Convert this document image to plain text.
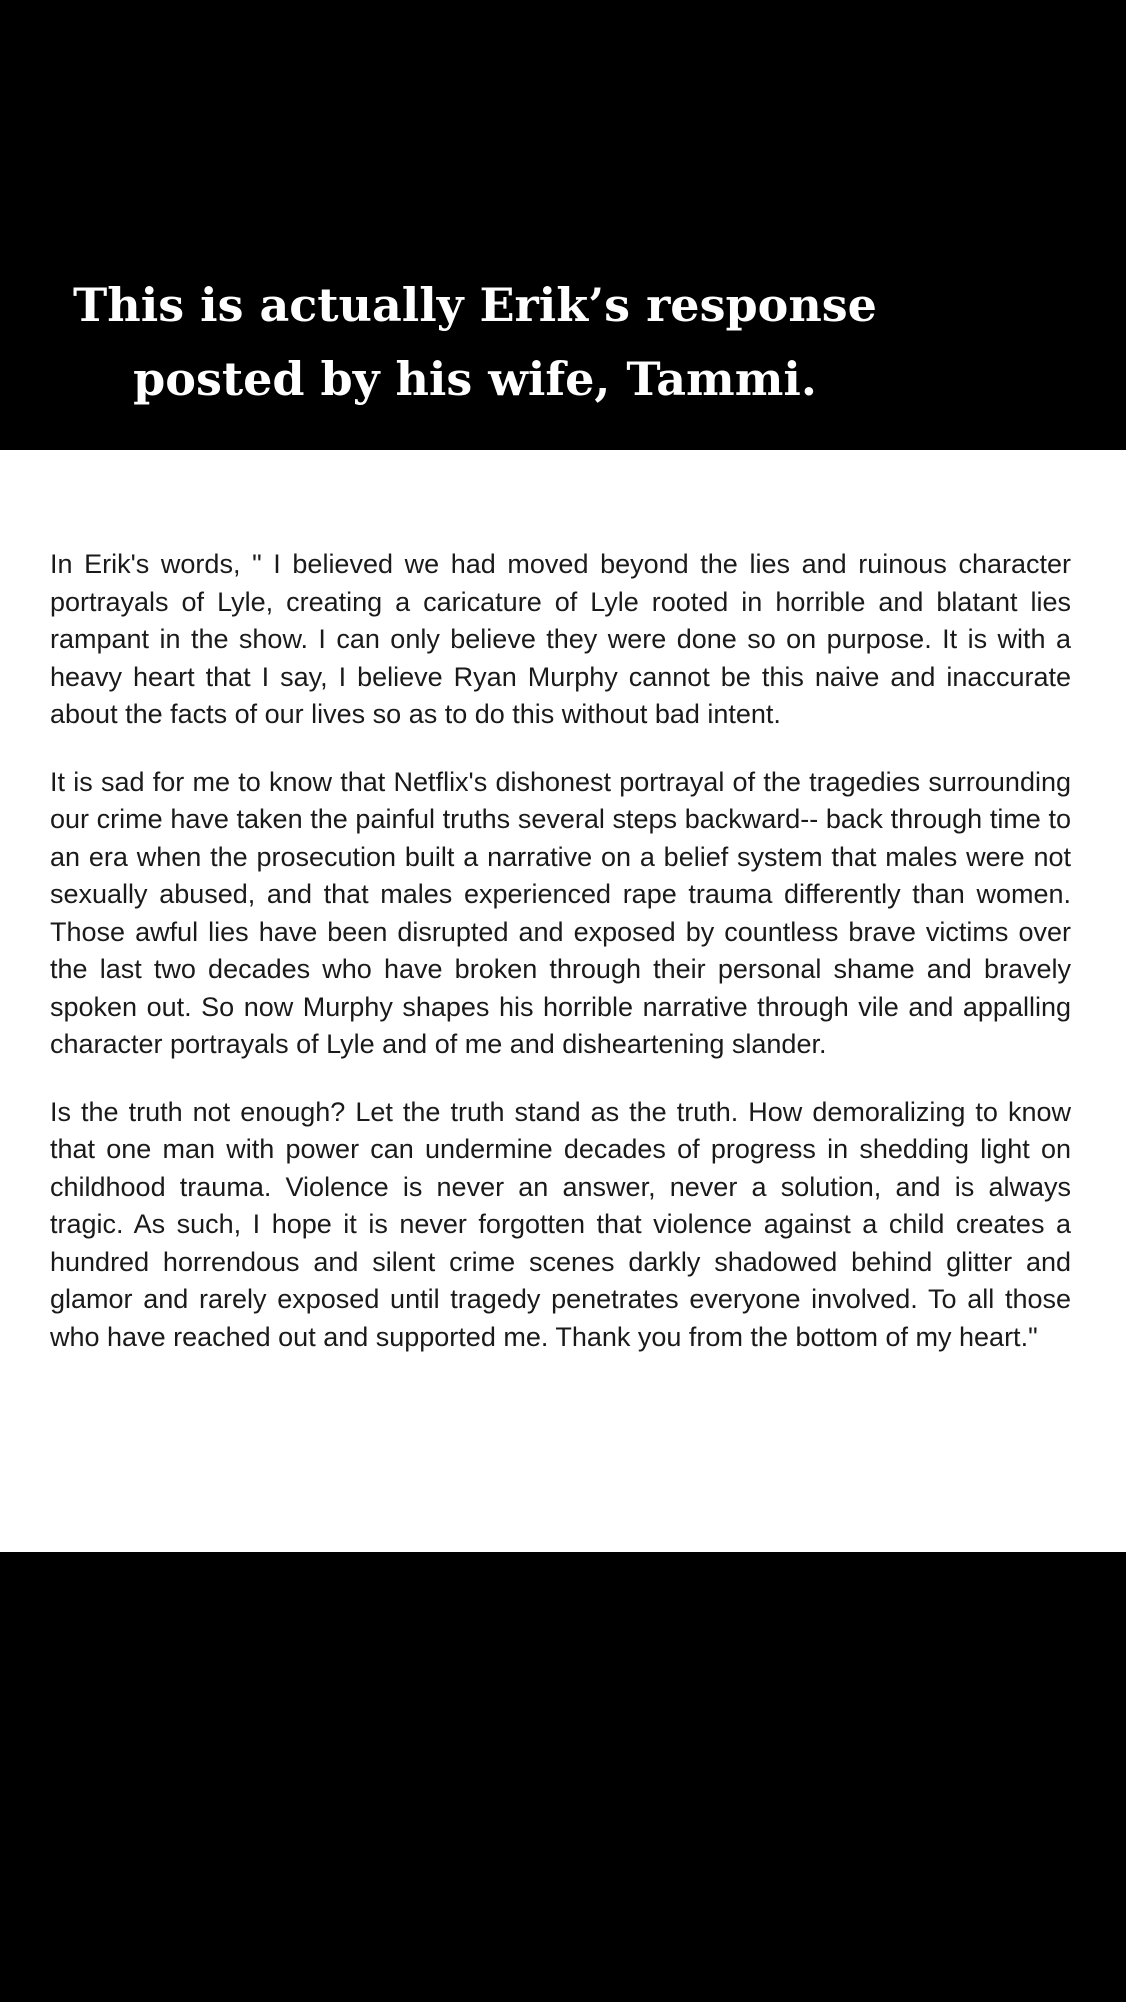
This is actually Erik’s response
posted by his wife, Tammi.

In Erik's words, " I believed we had moved beyond the lies and ruinous character portrayals of Lyle, creating a caricature of Lyle rooted in horrible and blatant lies rampant in the show. I can only believe they were done so on purpose. It is with a heavy heart that I say, I believe Ryan Murphy cannot be this naive and inaccurate about the facts of our lives so as to do this without bad intent.

It is sad for me to know that Netflix's dishonest portrayal of the tragedies surrounding our crime have taken the painful truths several steps backward-- back through time to an era when the prosecution built a narrative on a belief system that males were not sexually abused, and that males experienced rape trauma differently than women. Those awful lies have been disrupted and exposed by countless brave victims over the last two decades who have broken through their personal shame and bravely spoken out. So now Murphy shapes his horrible narrative through vile and appalling character portrayals of Lyle and of me and disheartening slander.

Is the truth not enough? Let the truth stand as the truth. How demoralizing to know that one man with power can undermine decades of progress in shedding light on childhood trauma. Violence is never an answer, never a solution, and is always tragic. As such, I hope it is never forgotten that violence against a child creates a hundred horrendous and silent crime scenes darkly shadowed behind glitter and glamor and rarely exposed until tragedy penetrates everyone involved. To all those who have reached out and supported me. Thank you from the bottom of my heart."
